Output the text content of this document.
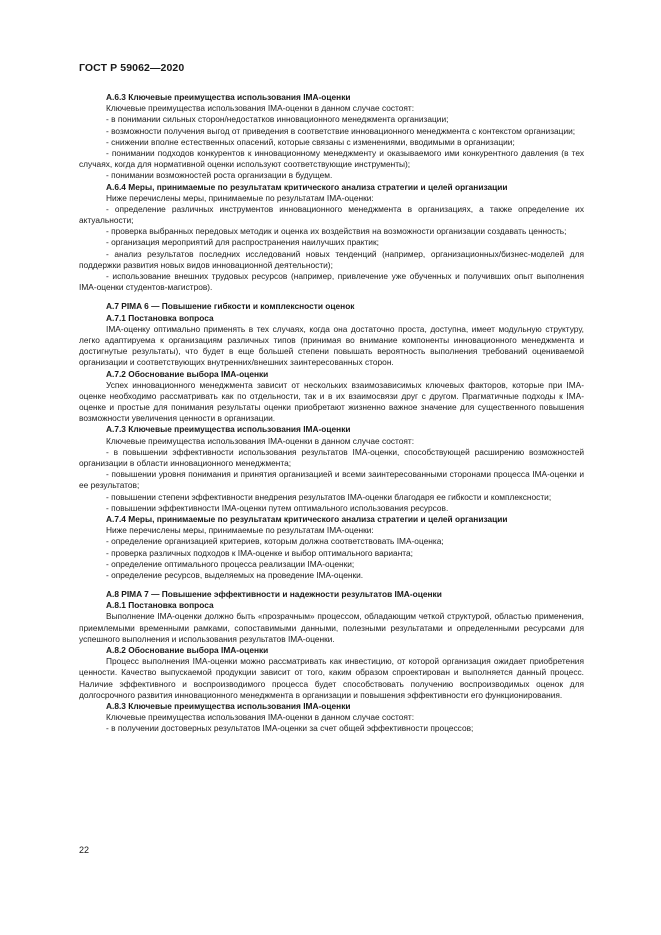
ГОСТ Р 59062—2020

А.6.3 Ключевые преимущества использования IMA-оценки

Ключевые преимущества использования IMA-оценки в данном случае состоят:

- в понимании сильных сторон/недостатков инновационного менеджмента организации;

- возможности получения выгод от приведения в соответствие инновационного менеджмента с контекстом организации;

- снижении вполне естественных опасений, которые связаны с изменениями, вводимыми в организации;

- понимании подходов конкурентов к инновационному менеджменту и оказываемого ими конкурентного давления (в тех случаях, когда для нормативной оценки используют соответствующие инструменты);

- понимании возможностей роста организации в будущем.

А.6.4 Меры, принимаемые по результатам критического анализа стратегии и целей организации

Ниже перечислены меры, принимаемые по результатам IMA-оценки:

- определение различных инструментов инновационного менеджмента в организациях, а также определение их актуальности;

- проверка выбранных передовых методик и оценка их воздействия на возможности организации создавать ценность;

- организация мероприятий для распространения наилучших практик;

- анализ результатов последних исследований новых тенденций (например, организационных/бизнес-моделей для поддержки развития новых видов инновационной деятельности);

- использование внешних трудовых ресурсов (например, привлечение уже обученных и получивших опыт выполнения IMA-оценки студентов-магистров).

А.7 PIMA 6 — Повышение гибкости и комплексности оценок

А.7.1 Постановка вопроса

IMA-оценку оптимально применять в тех случаях, когда она достаточно проста, доступна, имеет модульную структуру, легко адаптируема к организациям различных типов (принимая во внимание компоненты инновационного менеджмента и достигнутые результаты), что будет в еще большей степени повышать вероятность выполнения требований оцениваемой организации и соответствующих внутренних/внешних заинтересованных сторон.

А.7.2 Обоснование выбора IMA-оценки

Успех инновационного менеджмента зависит от нескольких взаимозависимых ключевых факторов, которые при IMA-оценке необходимо рассматривать как по отдельности, так и в их взаимосвязи друг с другом. Прагматичные подходы к IMA-оценке и простые для понимания результаты оценки приобретают жизненно важное значение для существенного повышения возможности увеличения ценности в организации.

А.7.3 Ключевые преимущества использования IMA-оценки

Ключевые преимущества использования IMA-оценки в данном случае состоят:

- в повышении эффективности использования результатов IMA-оценки, способствующей расширению возможностей организации в области инновационного менеджмента;

- повышении уровня понимания и принятия организацией и всеми заинтересованными сторонами процесса IMA-оценки и ее результатов;

- повышении степени эффективности внедрения результатов IMA-оценки благодаря ее гибкости и комплексности;

- повышении эффективности IMA-оценки путем оптимального использования ресурсов.

А.7.4 Меры, принимаемые по результатам критического анализа стратегии и целей организации

Ниже перечислены меры, принимаемые по результатам IMA-оценки:

- определение организацией критериев, которым должна соответствовать IMA-оценка;

- проверка различных подходов к IMA-оценке и выбор оптимального варианта;

- определение оптимального процесса реализации IMA-оценки;

- определение ресурсов, выделяемых на проведение IMA-оценки.

А.8 PIMA 7 — Повышение эффективности и надежности результатов IMA-оценки

А.8.1 Постановка вопроса

Выполнение IMA-оценки должно быть «прозрачным» процессом, обладающим четкой структурой, областью применения, приемлемыми временными рамками, сопоставимыми данными, полезными результатами и определенными ресурсами для успешного выполнения и использования результатов IMA-оценки.

А.8.2 Обоснование выбора IMA-оценки

Процесс выполнения IMA-оценки можно рассматривать как инвестицию, от которой организация ожидает приобретения ценности. Качество выпускаемой продукции зависит от того, каким образом спроектирован и выполняется данный процесс. Наличие эффективного и воспроизводимого процесса будет способствовать получению воспроизводимых оценок для долгосрочного развития инновационного менеджмента в организации и повышения эффективности его функционирования.

А.8.3 Ключевые преимущества использования IMA-оценки

Ключевые преимущества использования IMA-оценки в данном случае состоят:

- в получении достоверных результатов IMA-оценки за счет общей эффективности процессов;

22
